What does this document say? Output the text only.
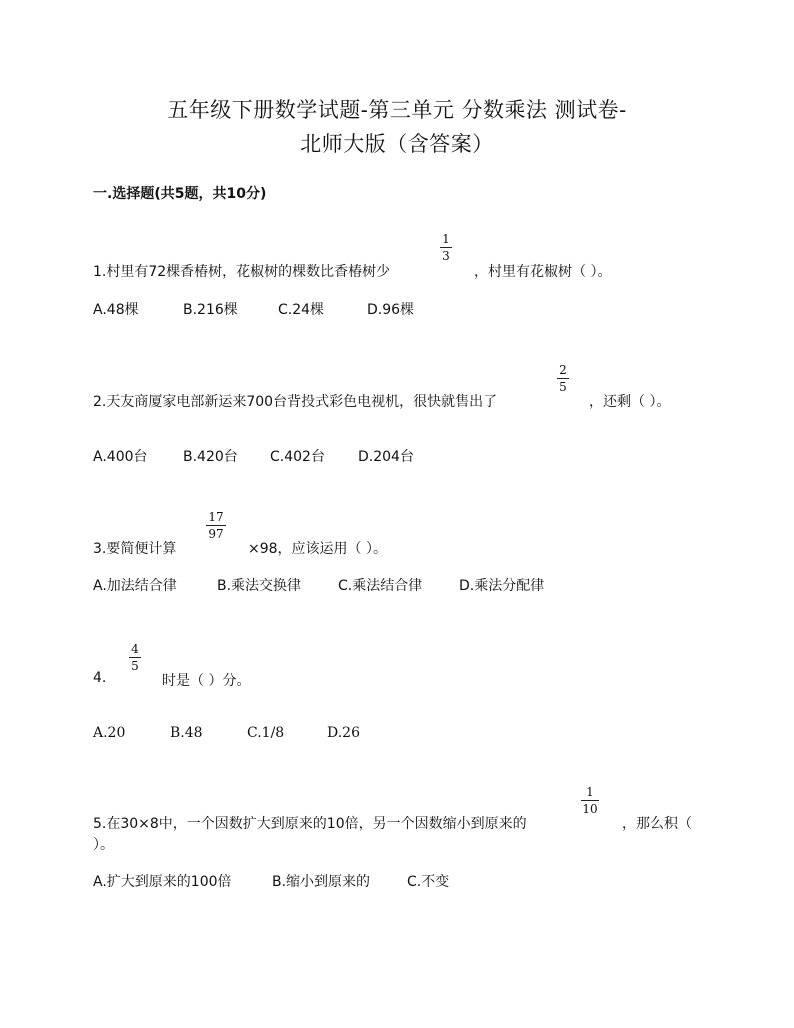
五年级下册数学试题-第三单元 分数乘法 测试卷-
北师大版（含答案）
一.选择题(共5题，共10分)
1.村里有72棵香椿树，花椒树的棵数比香椿树少
1
3
，村里有花椒树（ ）。
A.48棵	B.216棵	C.24棵	D.96棵
2.天友商厦家电部新运来700台背投式彩色电视机，很快就售出了
2
5
，还剩（ ）。
A.400台	B.420台 C.402台 D.204台
3.要简便计算
17
97
×98，应该运用（ ）。
A.加法结合律	B.乘法交换律	C.乘法结合律	D.乘法分配律
4.
4
5
时是（ ）分。
A.20	B.48	C.1/8	D.26
5.在30×8中，一个因数扩大到原来的10倍，另一个因数缩小到原来的
1
10
，那么积（
）。
A.扩大到原来的100倍	B.缩小到原来的	C.不变
